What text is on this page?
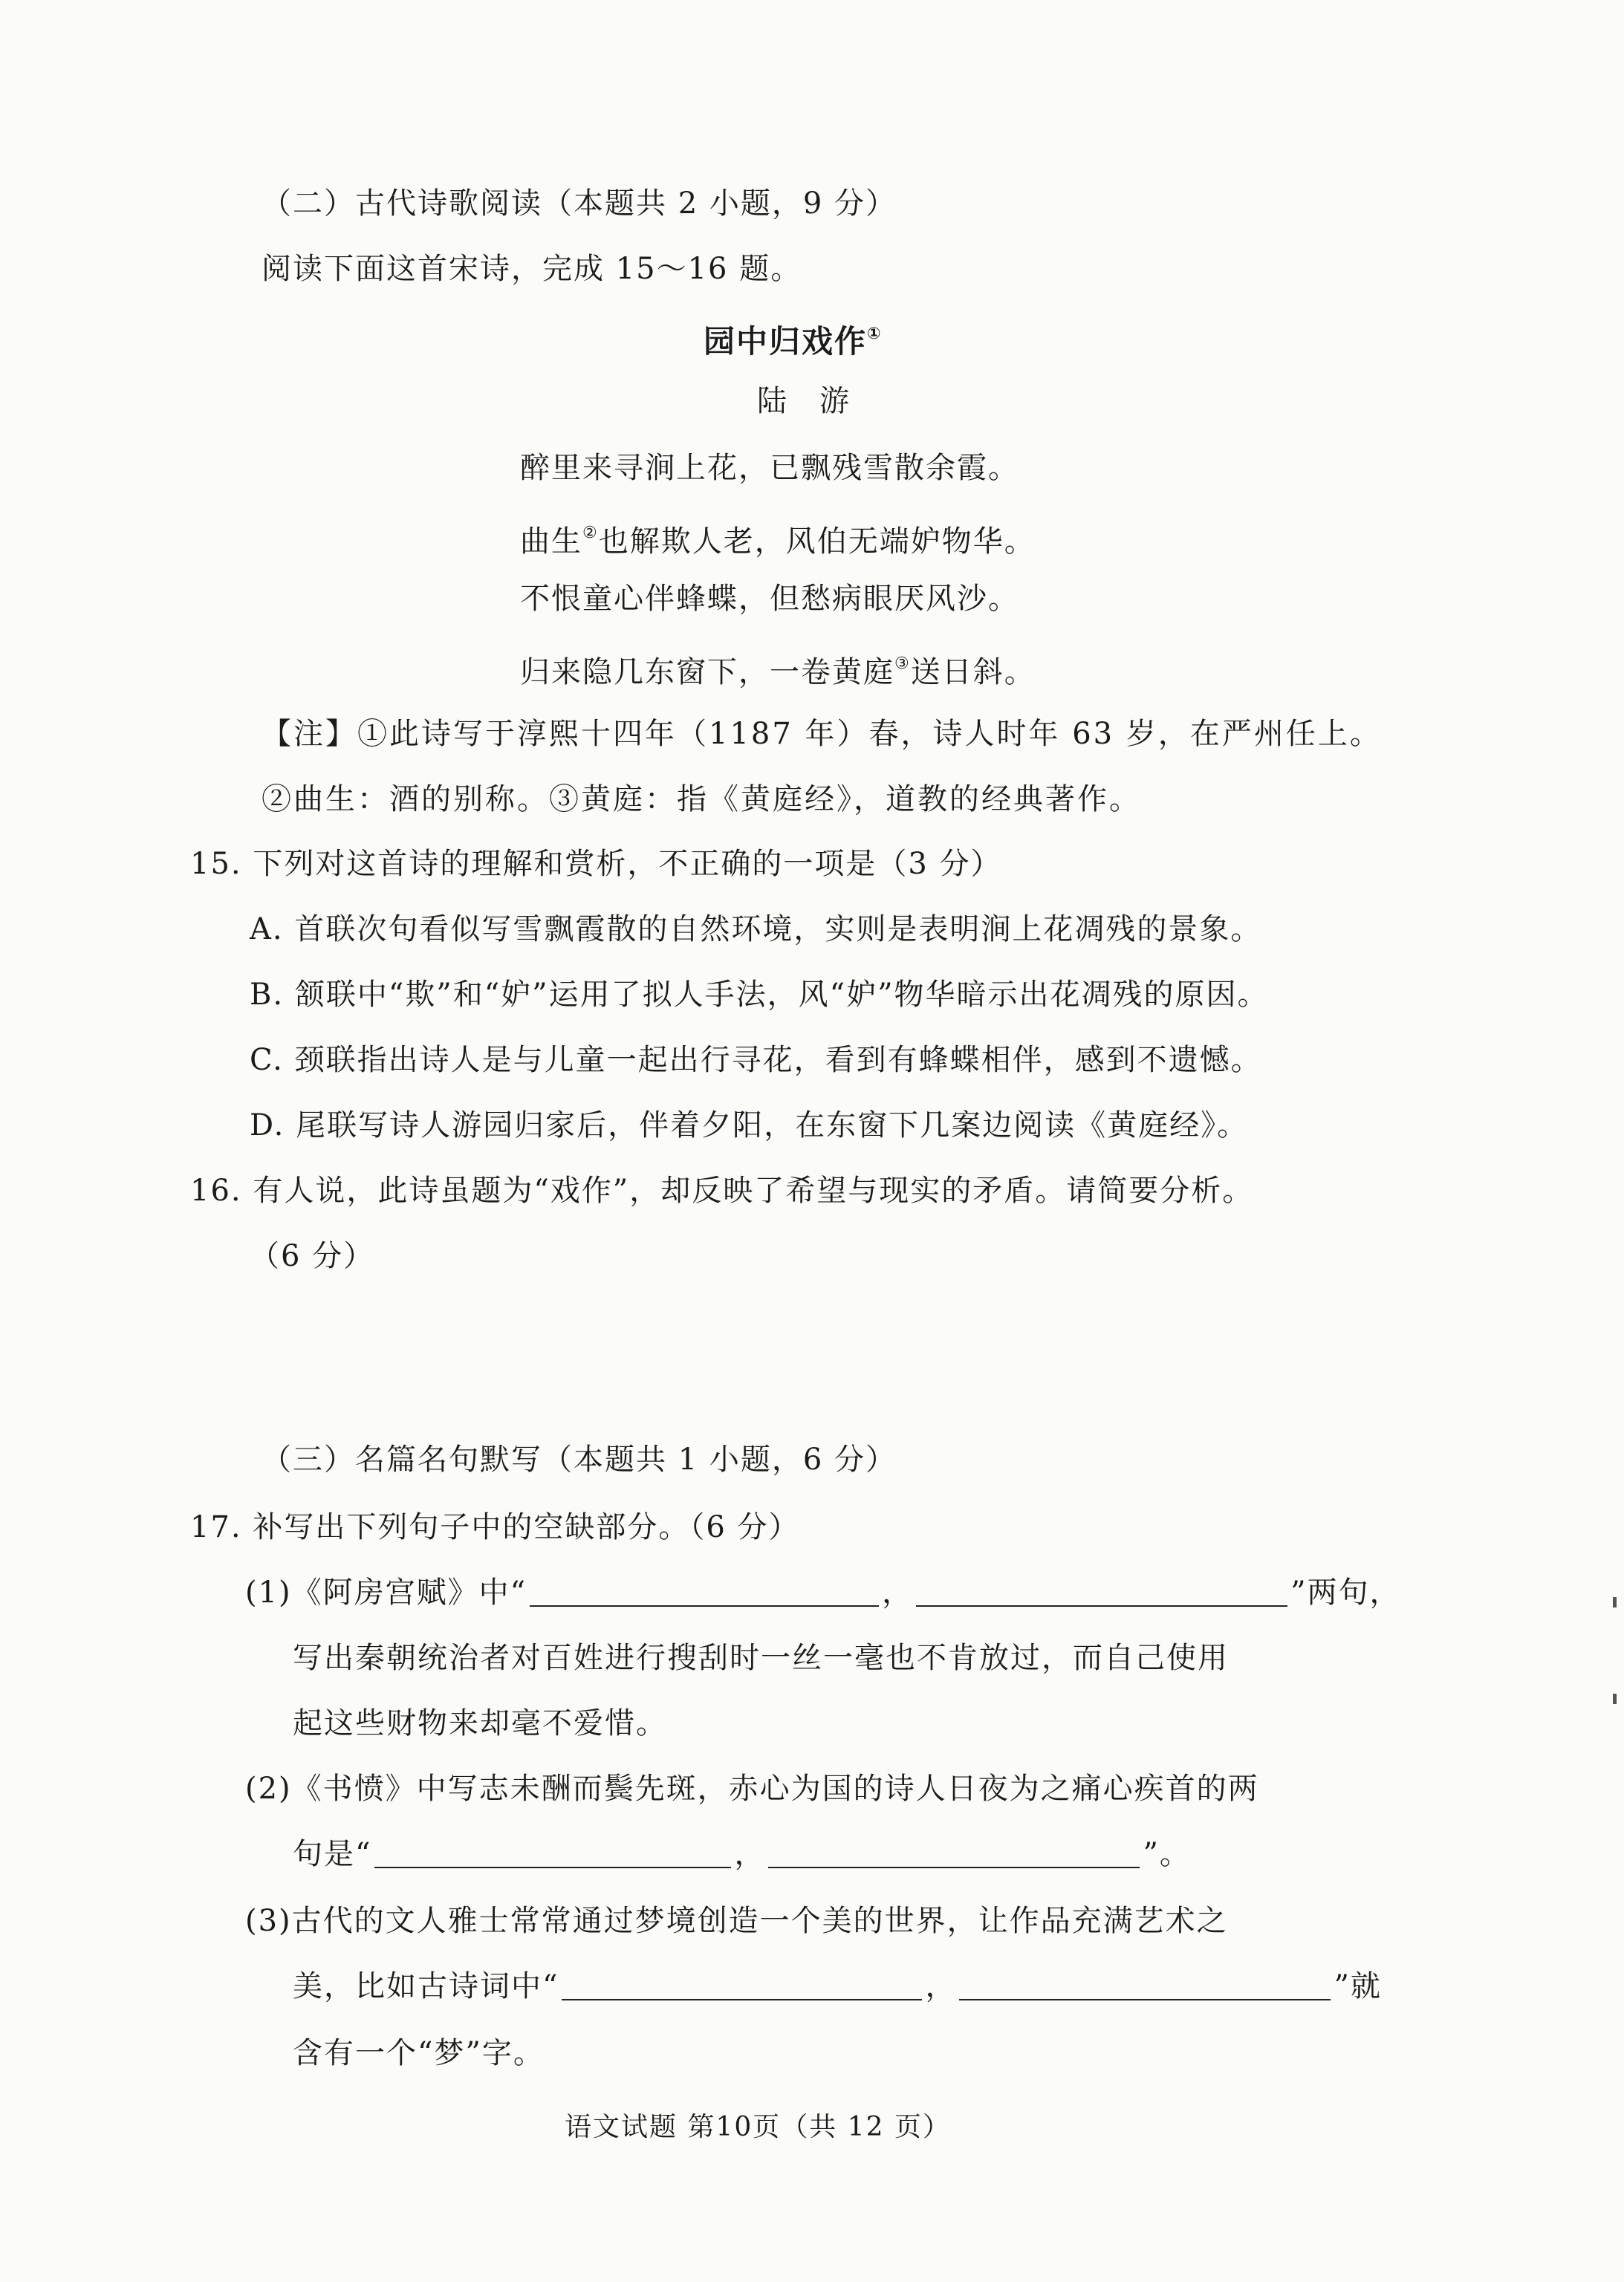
（二）古代诗歌阅读（本题共 2 小题，9 分）
阅读下面这首宋诗，完成 15～16 题。
园中归戏作①
陆　游
醉里来寻涧上花，已飘残雪散余霞。
曲生②也解欺人老，风伯无端妒物华。
不恨童心伴蜂蝶，但愁病眼厌风沙。
归来隐几东窗下，一卷黄庭③送日斜。
【注】①此诗写于淳熙十四年（1187 年）春，诗人时年 63 岁，在严州任上。
②曲生：酒的别称。③黄庭：指《黄庭经》，道教的经典著作。
15. 下列对这首诗的理解和赏析，不正确的一项是（3 分）
A. 首联次句看似写雪飘霞散的自然环境，实则是表明涧上花凋残的景象。
B. 颔联中“欺”和“妒”运用了拟人手法，风“妒”物华暗示出花凋残的原因。
C. 颈联指出诗人是与儿童一起出行寻花，看到有蜂蝶相伴，感到不遗憾。
D. 尾联写诗人游园归家后，伴着夕阳，在东窗下几案边阅读《黄庭经》。
16. 有人说，此诗虽题为“戏作”，却反映了希望与现实的矛盾。请简要分析。
（6 分）
（三）名篇名句默写（本题共 1 小题，6 分）
17. 补写出下列句子中的空缺部分。（6 分）
(1)《阿房宫赋》中“	，	”两句，
写出秦朝统治者对百姓进行搜刮时一丝一毫也不肯放过，而自己使用
起这些财物来却毫不爱惜。
(2)《书愤》中写志未酬而鬓先斑，赤心为国的诗人日夜为之痛心疾首的两
句是“	，	”。
(3)古代的文人雅士常常通过梦境创造一个美的世界，让作品充满艺术之
美，比如古诗词中“	，	”就
含有一个“梦”字。
语文试题 第10页（共 12 页）
